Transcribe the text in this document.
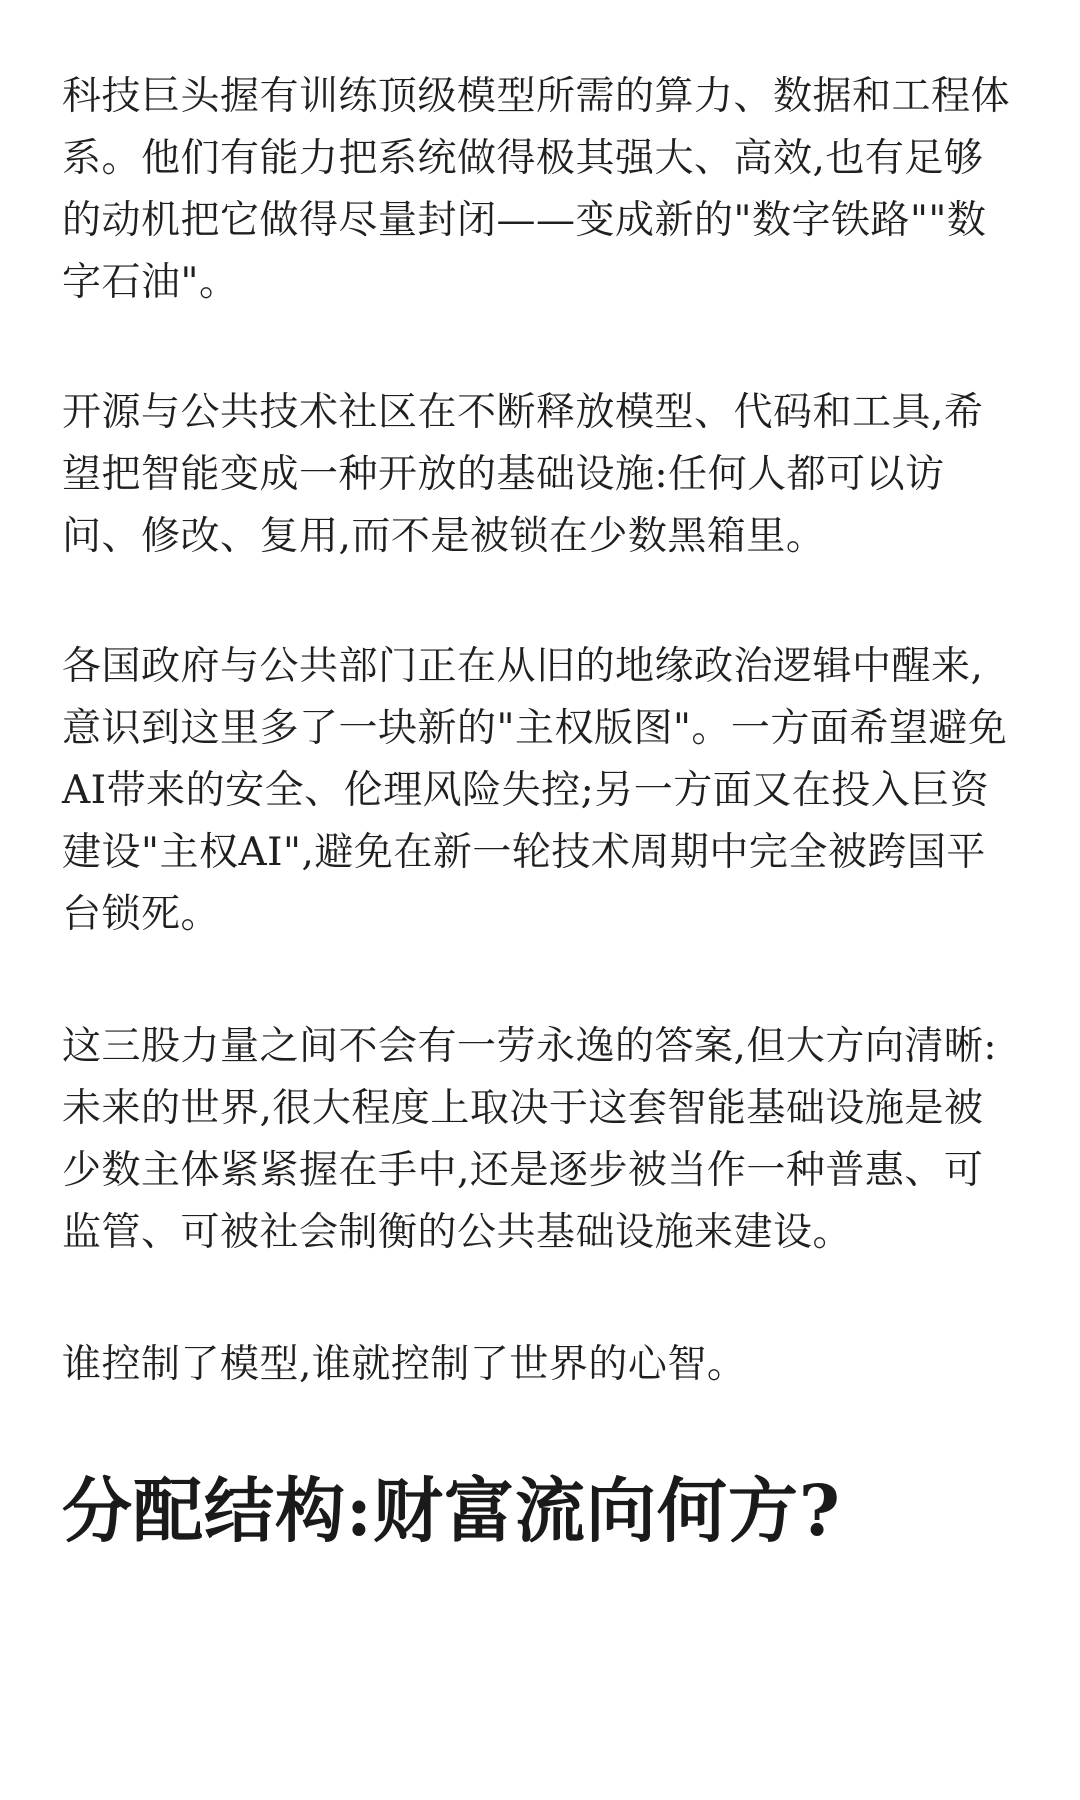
科技巨头握有训练顶级模型所需的算力、数据和工程体系。他们有能力把系统做得极其强大、高效,也有足够的动机把它做得尽量封闭——变成新的"数字铁路""数字石油"。

开源与公共技术社区在不断释放模型、代码和工具,希望把智能变成一种开放的基础设施:任何人都可以访问、修改、复用,而不是被锁在少数黑箱里。

各国政府与公共部门正在从旧的地缘政治逻辑中醒来,意识到这里多了一块新的"主权版图"。一方面希望避免AI带来的安全、伦理风险失控;另一方面又在投入巨资建设"主权AI",避免在新一轮技术周期中完全被跨国平台锁死。

这三股力量之间不会有一劳永逸的答案,但大方向清晰:未来的世界,很大程度上取决于这套智能基础设施是被少数主体紧紧握在手中,还是逐步被当作一种普惠、可监管、可被社会制衡的公共基础设施来建设。

谁控制了模型,谁就控制了世界的心智。

分配结构:财富流向何方?
